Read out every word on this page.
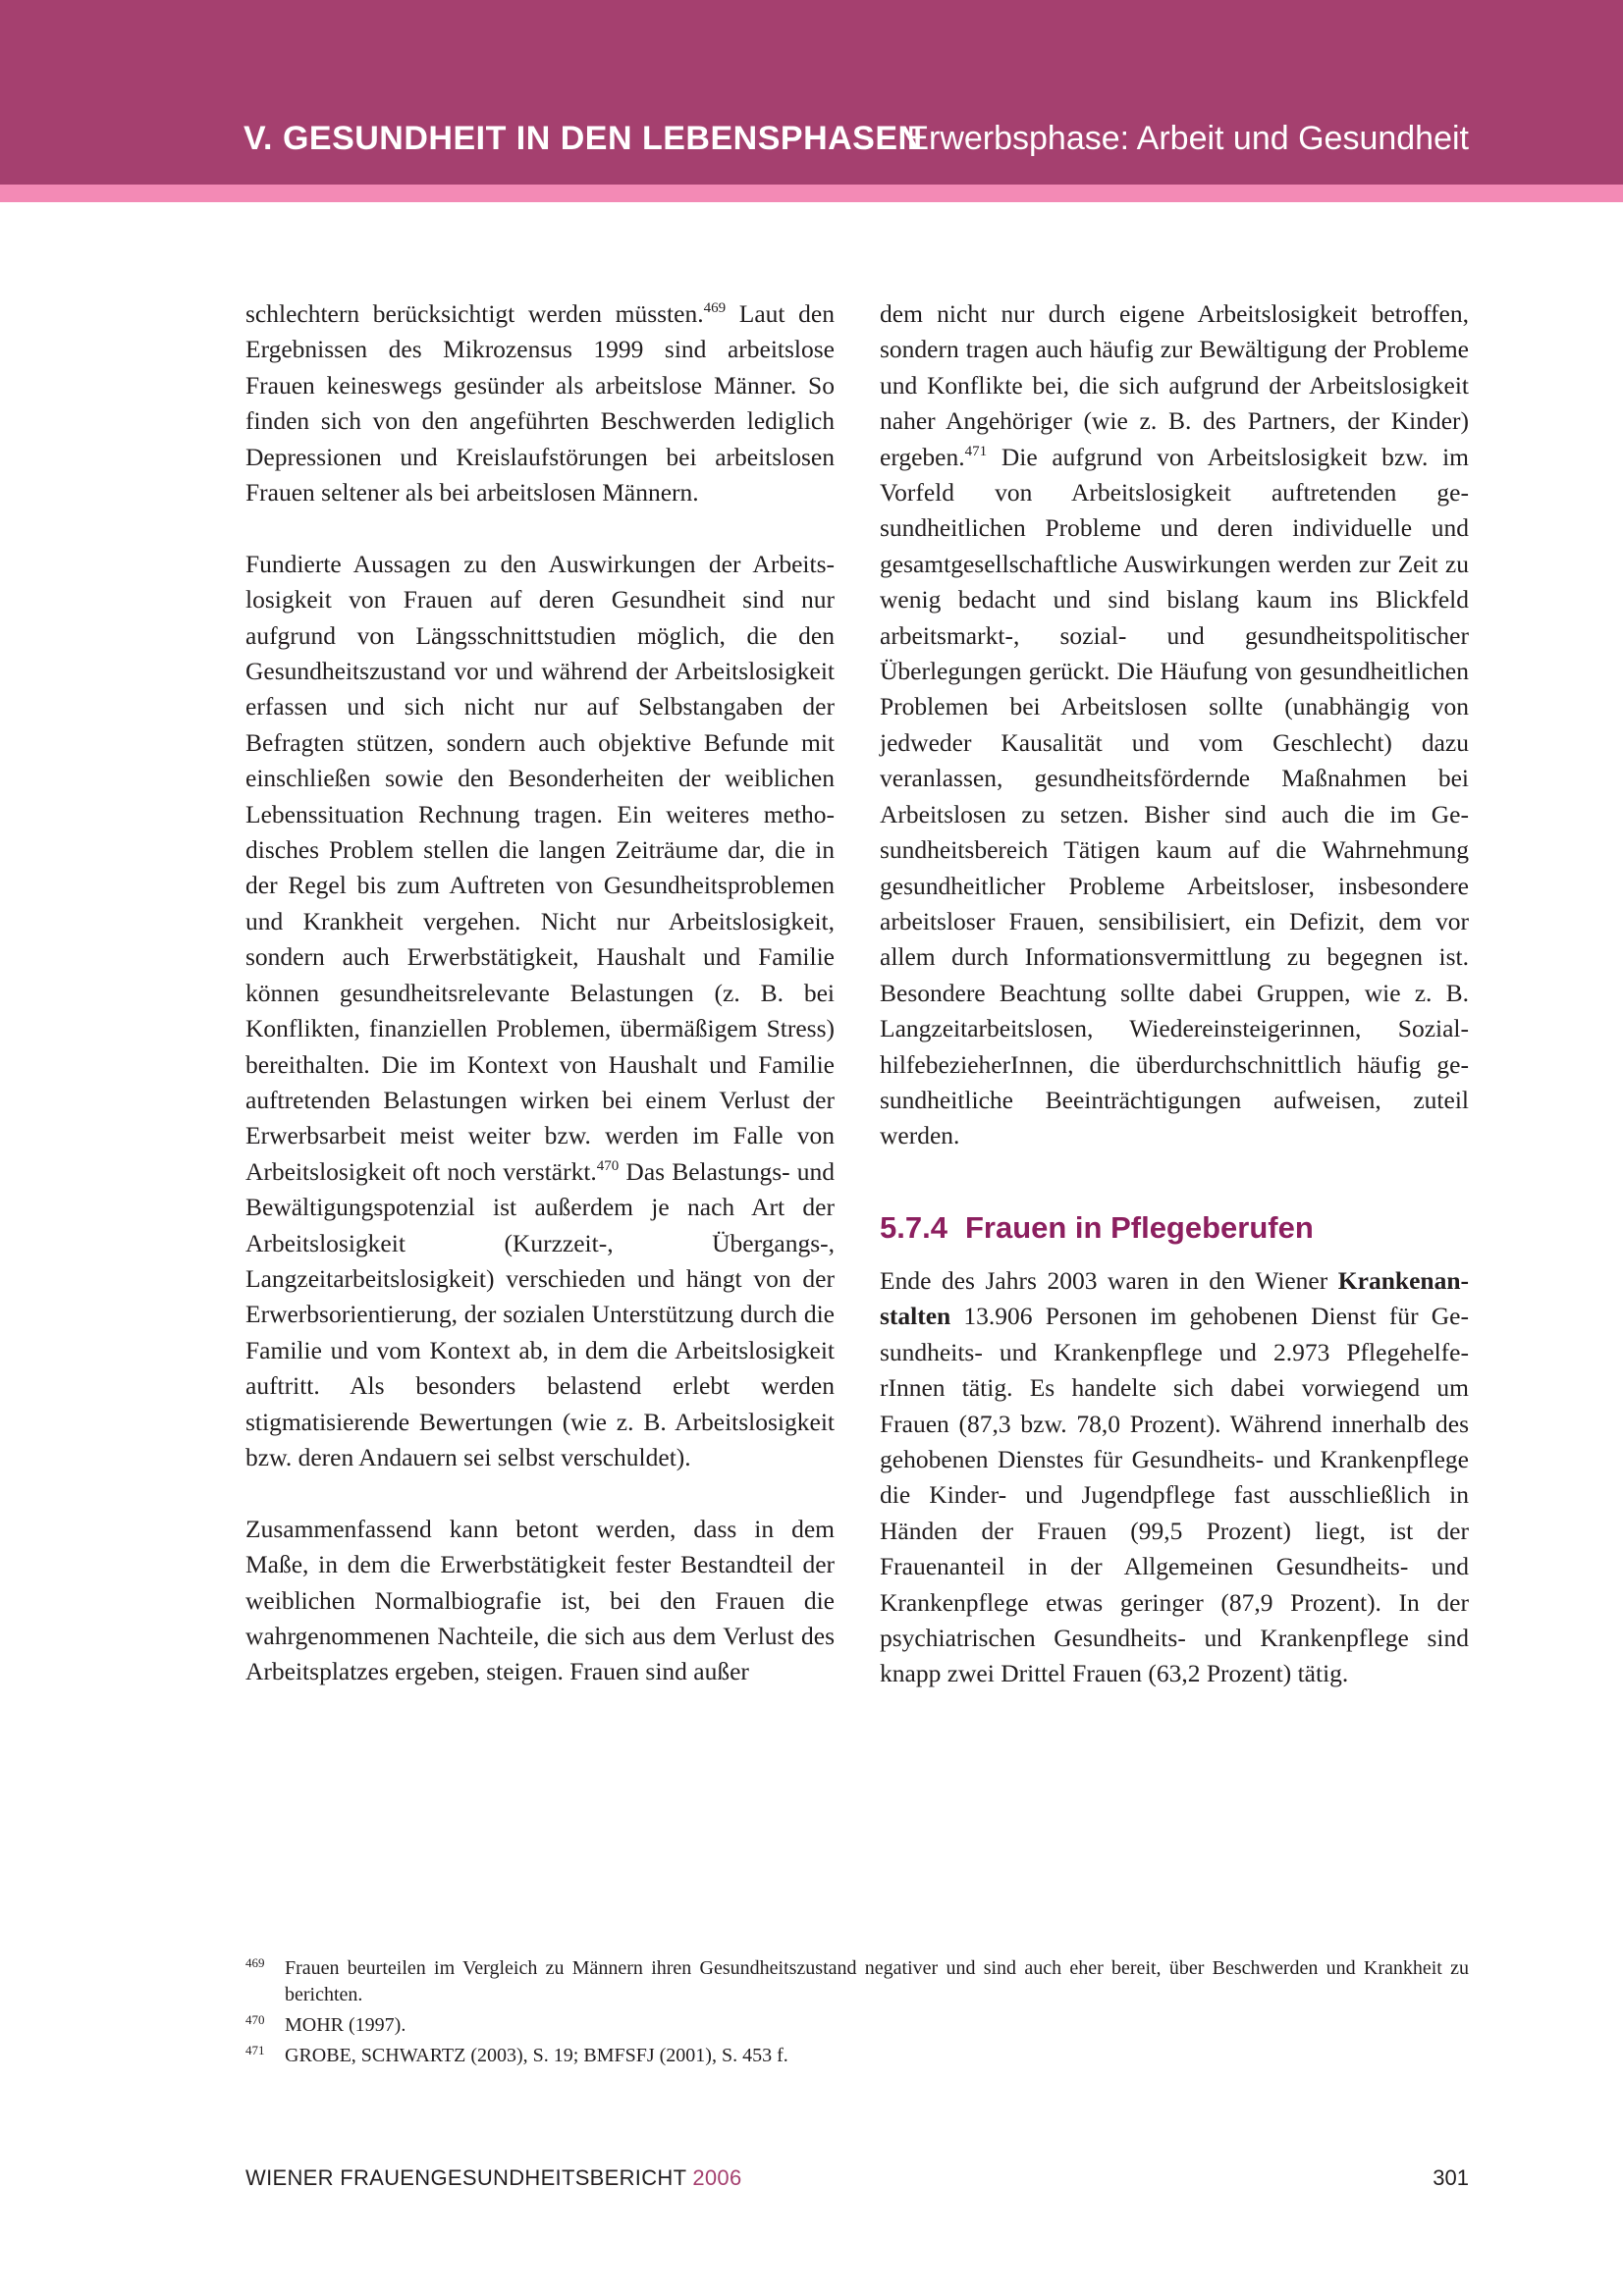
V. GESUNDHEIT IN DEN LEBENSPHASEN
Erwerbsphase: Arbeit und Gesundheit

schlechtern berücksichtigt werden müssten.$^{469}$ Laut den Ergebnissen des Mikrozensus 1999 sind arbeitslose Frauen keineswegs gesünder als arbeitslose Männer. So finden sich von den angeführten Beschwerden lediglich Depressionen und Kreislaufstörungen bei arbeitslosen Frauen seltener als bei arbeitslosen Männern.

Fundierte Aussagen zu den Auswirkungen der Arbeitslosigkeit von Frauen auf deren Gesundheit sind nur aufgrund von Längsschnittstudien möglich, die den Gesundheitszustand vor und während der Arbeitslosigkeit erfassen und sich nicht nur auf Selbstangaben der Befragten stützen, sondern auch objektive Befunde mit einschließen sowie den Besonderheiten der weiblichen Lebenssituation Rechnung tragen. Ein weiteres methodisches Problem stellen die langen Zeiträume dar, die in der Regel bis zum Auftreten von Gesundheitsproblemen und Krankheit vergehen. Nicht nur Arbeitslosigkeit, sondern auch Erwerbstätigkeit, Haushalt und Familie können gesundheitsrelevante Belastungen (z. B. bei Konflikten, finanziellen Problemen, übermäßigem Stress) bereithalten. Die im Kontext von Haushalt und Familie auftretenden Belastungen wirken bei einem Verlust der Erwerbsarbeit meist weiter bzw. werden im Falle von Arbeitslosigkeit oft noch verstärkt.$^{470}$ Das Belastungs- und Bewältigungspotenzial ist außerdem je nach Art der Arbeitslosigkeit (Kurzzeit-, Übergangs-, Langzeitarbeitslosigkeit) verschieden und hängt von der Erwerbsorientierung, der sozialen Unterstützung durch die Familie und vom Kontext ab, in dem die Arbeitslosigkeit auftritt. Als besonders belastend erlebt werden stigmatisierende Bewertungen (wie z. B. Arbeitslosigkeit bzw. deren Andauern sei selbst verschuldet).

Zusammenfassend kann betont werden, dass in dem Maße, in dem die Erwerbstätigkeit fester Bestandteil der weiblichen Normalbiografie ist, bei den Frauen die wahrgenommenen Nachteile, die sich aus dem Verlust des Arbeitsplatzes ergeben, steigen. Frauen sind außer

dem nicht nur durch eigene Arbeitslosigkeit betroffen, sondern tragen auch häufig zur Bewältigung der Probleme und Konflikte bei, die sich aufgrund der Arbeitslosigkeit naher Angehöriger (wie z. B. des Partners, der Kinder) ergeben.$^{471}$ Die aufgrund von Arbeitslosigkeit bzw. im Vorfeld von Arbeitslosigkeit auftretenden gesundheitlichen Probleme und deren individuelle und gesamtgesellschaftliche Auswirkungen werden zur Zeit zu wenig bedacht und sind bislang kaum ins Blickfeld arbeitsmarkt-, sozial- und gesundheitspolitischer Überlegungen gerückt. Die Häufung von gesundheitlichen Problemen bei Arbeitslosen sollte (unabhängig von jedweder Kausalität und vom Geschlecht) dazu veranlassen, gesundheitsfördernde Maßnahmen bei Arbeitslosen zu setzen. Bisher sind auch die im Gesundheitsbereich Tätigen kaum auf die Wahrnehmung gesundheitlicher Probleme Arbeitsloser, insbesondere arbeitsloser Frauen, sensibilisiert, ein Defizit, dem vor allem durch Informationsvermittlung zu begegnen ist. Besondere Beachtung sollte dabei Gruppen, wie z. B. Langzeitarbeitslosen, Wiedereinsteigerinnen, SozialhilfebezieherInnen, die überdurchschnittlich häufig gesundheitliche Beeinträchtigungen aufweisen, zuteil werden.

5.7.4 Frauen in Pflegeberufen

Ende des Jahrs 2003 waren in den Wiener Krankenanstalten 13.906 Personen im gehobenen Dienst für Gesundheits- und Krankenpflege und 2.973 PflegehelferInnen tätig. Es handelte sich dabei vorwiegend um Frauen (87,3 bzw. 78,0 Prozent). Während innerhalb des gehobenen Dienstes für Gesundheits- und Krankenpflege die Kinder- und Jugendpflege fast ausschließlich in Händen der Frauen (99,5 Prozent) liegt, ist der Frauenanteil in der Allgemeinen Gesundheits- und Krankenpflege etwas geringer (87,9 Prozent). In der psychiatrischen Gesundheits- und Krankenpflege sind knapp zwei Drittel Frauen (63,2 Prozent) tätig.

469	Frauen beurteilen im Vergleich zu Männern ihren Gesundheitszustand negativer und sind auch eher bereit, über Beschwerden und Krankheit zu berichten.
470	MOHR (1997).
471	GROBE, SCHWARTZ (2003), S. 19; BMFSFJ (2001), S. 453 f.
WIENER FRAUENGESUNDHEITSBERICHT 2006	301
